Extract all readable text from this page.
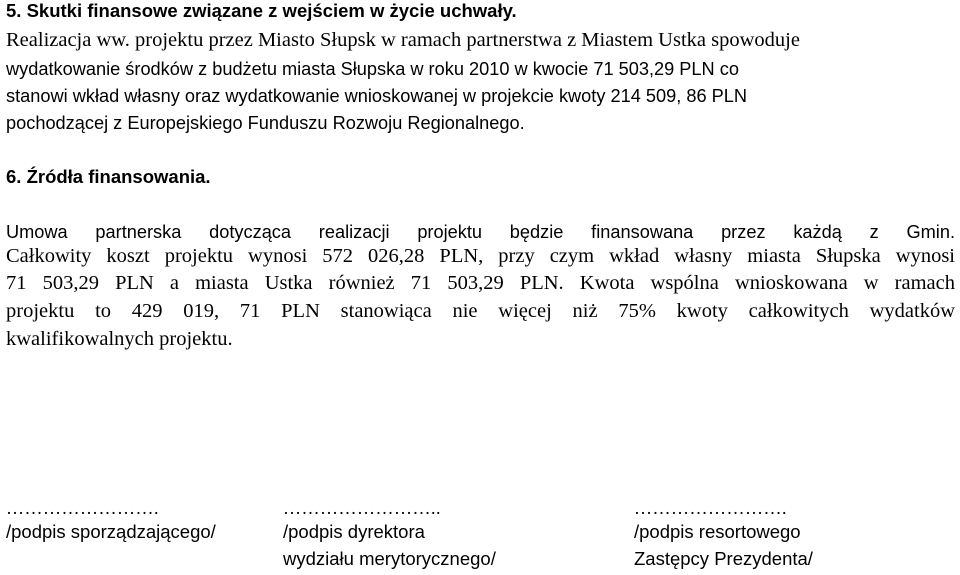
5. Skutki finansowe związane z wejściem w życie uchwały.
Realizacja ww. projektu przez Miasto Słupsk w ramach partnerstwa z Miastem Ustka spowoduje
wydatkowanie środków z budżetu miasta Słupska w roku 2010 w kwocie 71 503,29 PLN co
stanowi wkład własny oraz wydatkowanie wnioskowanej w projekcie kwoty 214 509, 86 PLN
pochodzącej z Europejskiego Funduszu Rozwoju Regionalnego.
6. Źródła finansowania.
Umowa partnerska dotycząca realizacji projektu będzie finansowana przez każdą z Gmin.
Całkowity koszt projektu wynosi 572 026,28 PLN, przy czym wkład własny miasta Słupska wynosi
71 503,29 PLN a miasta Ustka również 71 503,29 PLN. Kwota wspólna wnioskowana w ramach
projektu to 429 019, 71 PLN stanowiąca nie więcej niż 75% kwoty całkowitych wydatków
kwalifikowalnych projektu.
…………………….
/podpis sporządzającego/
……………………..
/podpis dyrektora
wydziału merytorycznego/
…………………….
/podpis resortowego
Zastępcy Prezydenta/
